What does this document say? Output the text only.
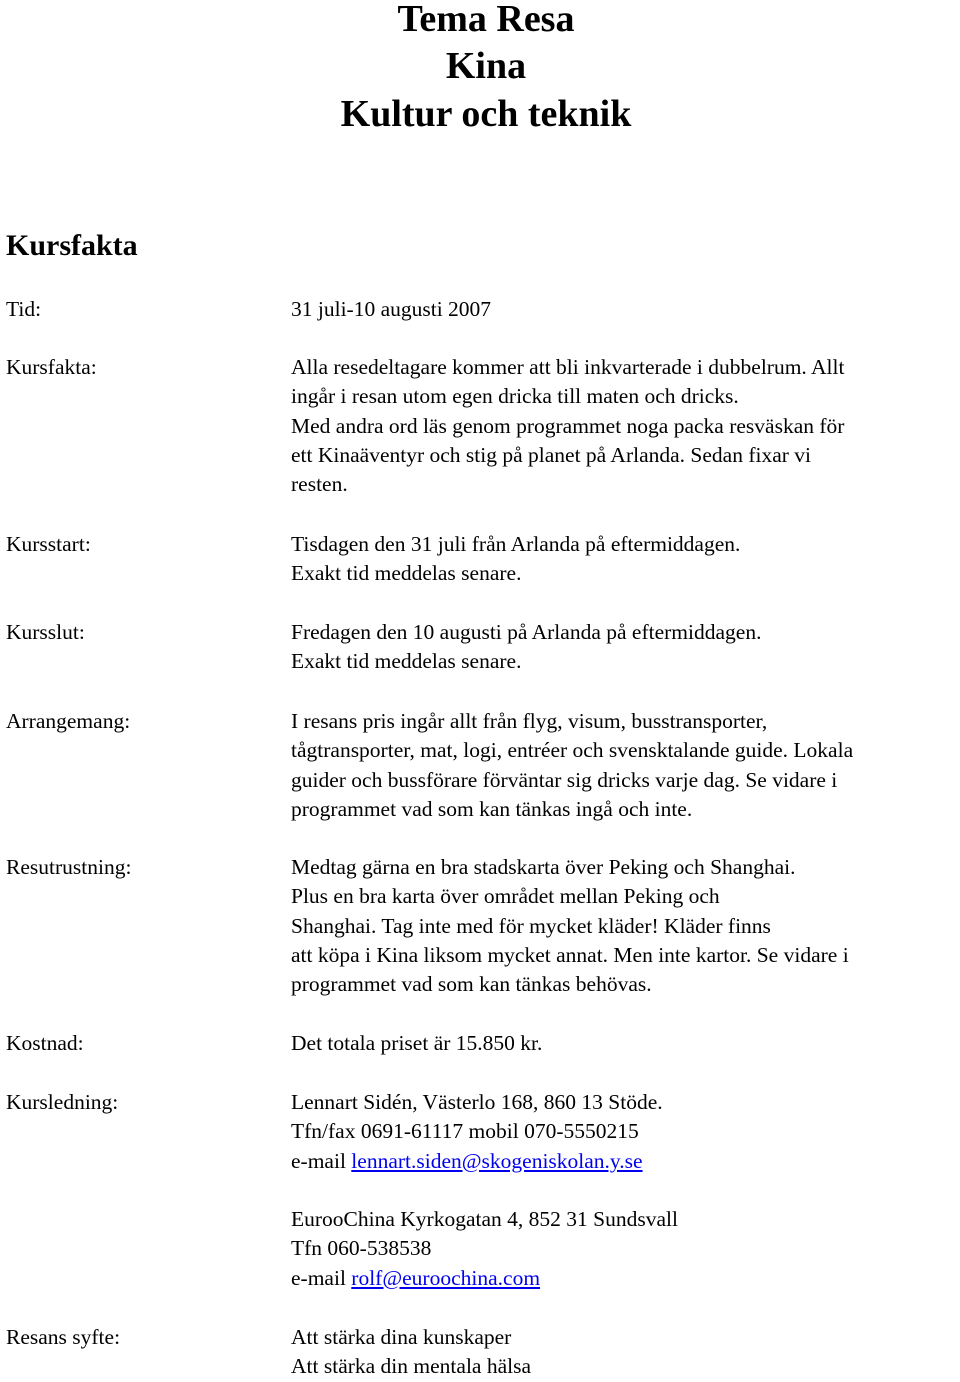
Tema Resa
Kina
Kultur och teknik
Kursfakta
Tid:	31 juli-10 augusti 2007
Kursfakta:	Alla resedeltagare kommer att bli inkvarterade i dubbelrum. Allt
ingår i resan utom egen dricka till maten och dricks.
Med andra ord läs genom programmet noga packa resväskan för
ett Kinaäventyr och stig på planet på Arlanda. Sedan fixar vi
resten.
Kursstart:	Tisdagen den 31 juli från Arlanda på eftermiddagen.
Exakt tid meddelas senare.
Kursslut:	Fredagen den 10 augusti på Arlanda på eftermiddagen.
Exakt tid meddelas senare.
Arrangemang:	I resans pris ingår allt från flyg, visum, busstransporter,
tågtransporter, mat, logi, entréer och svensktalande guide. Lokala
guider och bussförare förväntar sig dricks varje dag. Se vidare i
programmet vad som kan tänkas ingå och inte.
Resutrustning:	Medtag gärna en bra stadskarta över Peking och Shanghai.
Plus en bra karta över området mellan Peking och
Shanghai. Tag inte med för mycket kläder! Kläder finns
att köpa i Kina liksom mycket annat. Men inte kartor. Se vidare i
programmet vad som kan tänkas behövas.
Kostnad:	Det totala priset är 15.850 kr.
Kursledning:	Lennart Sidén, Västerlo 168, 860 13 Stöde.
Tfn/fax 0691-61117 mobil 070-5550215
e-mail lennart.siden@skogeniskolan.y.se
EurooChina Kyrkogatan 4, 852 31 Sundsvall
Tfn 060-538538
e-mail rolf@euroochina.com
Resans syfte:	Att stärka dina kunskaper
Att stärka din mentala hälsa
